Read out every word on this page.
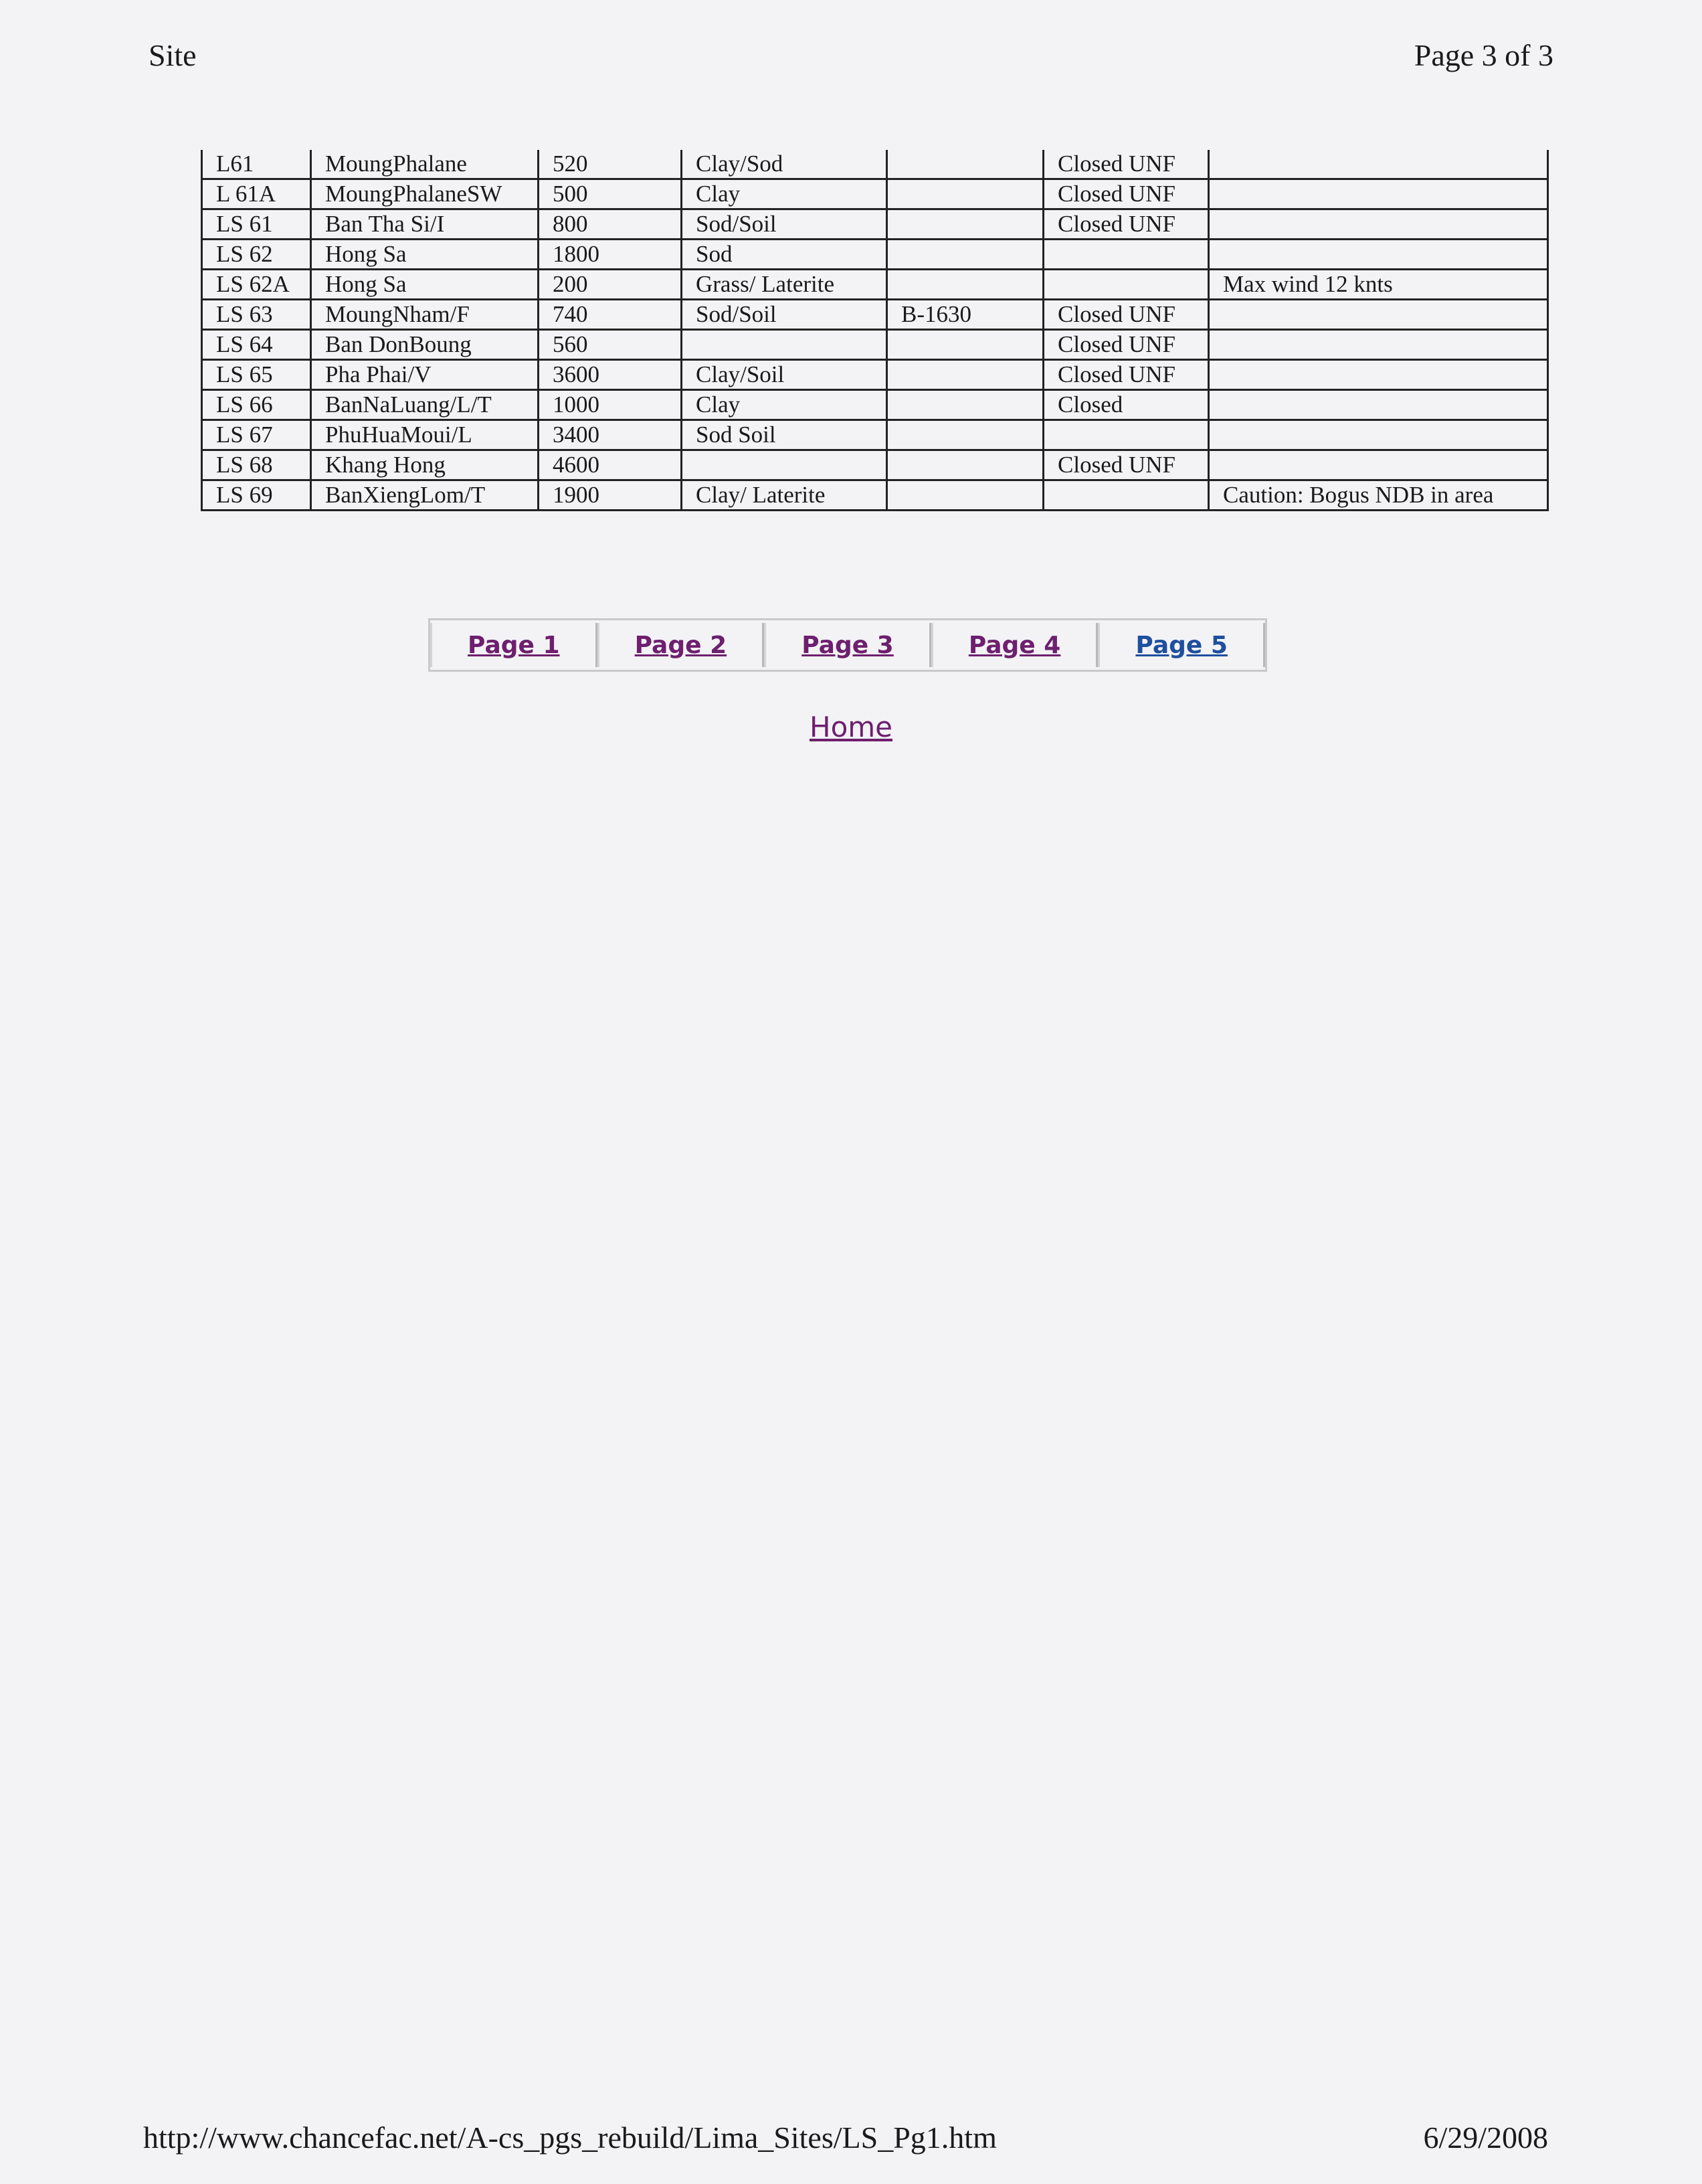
Site	Page 3 of 3
L61	MoungPhalane	520	Clay/Sod		Closed UNF	
L 61A	MoungPhalaneSW	500	Clay		Closed UNF	
LS 61	Ban Tha Si/I	800	Sod/Soil		Closed UNF	
LS 62	Hong Sa	1800	Sod			
LS 62A	Hong Sa	200	Grass/ Laterite			Max wind 12 knts
LS 63	MoungNham/F	740	Sod/Soil	B-1630	Closed UNF	
LS 64	Ban DonBoung	560			Closed UNF	
LS 65	Pha Phai/V	3600	Clay/Soil		Closed UNF	
LS 66	BanNaLuang/L/T	1000	Clay		Closed	
LS 67	PhuHuaMoui/L	3400	Sod Soil			
LS 68	Khang Hong	4600			Closed UNF	
LS 69	BanXiengLom/T	1900	Clay/ Laterite			Caution: Bogus NDB in area
Page 1	Page 2	Page 3	Page 4	Page 5
Home
http://www.chancefac.net/A-cs_pgs_rebuild/Lima_Sites/LS_Pg1.htm	6/29/2008
